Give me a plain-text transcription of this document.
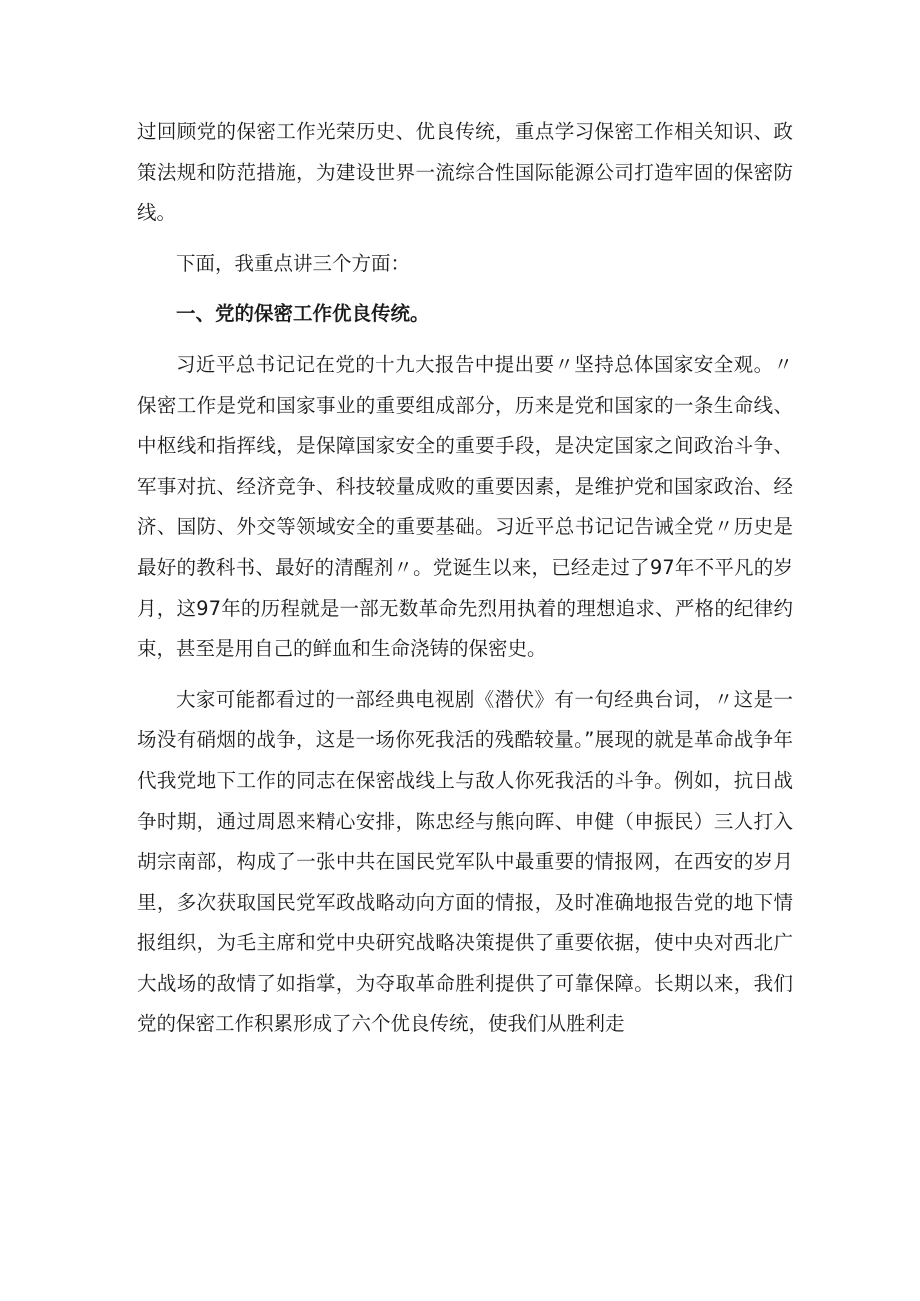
过回顾党的保密工作光荣历史、优良传统，重点学习保密工作相关知识、政策法规和防范措施，为建设世界一流综合性国际能源公司打造牢固的保密防线。

下面，我重点讲三个方面：

一、党的保密工作优良传统。

习近平总书记记在党的十九大报告中提出要〃坚持总体国家安全观。〃保密工作是党和国家事业的重要组成部分，历来是党和国家的一条生命线、中枢线和指挥线，是保障国家安全的重要手段，是决定国家之间政治斗争、军事对抗、经济竞争、科技较量成败的重要因素，是维护党和国家政治、经济、国防、外交等领域安全的重要基础。习近平总书记记告诫全党〃历史是最好的教科书、最好的清醒剂〃。党诞生以来，已经走过了97年不平凡的岁月，这97年的历程就是一部无数革命先烈用执着的理想追求、严格的纪律约束，甚至是用自己的鲜血和生命浇铸的保密史。

大家可能都看过的一部经典电视剧《潜伏》有一句经典台词，〃这是一场没有硝烟的战争，这是一场你死我活的残酷较量。”展现的就是革命战争年代我党地下工作的同志在保密战线上与敌人你死我活的斗争。例如，抗日战争时期，通过周恩来精心安排，陈忠经与熊向晖、申健（申振民）三人打入胡宗南部，构成了一张中共在国民党军队中最重要的情报网，在西安的岁月里，多次获取国民党军政战略动向方面的情报，及时准确地报告党的地下情报组织，为毛主席和党中央研究战略决策提供了重要依据，使中央对西北广大战场的敌情了如指掌，为夺取革命胜利提供了可靠保障。长期以来，我们党的保密工作积累形成了六个优良传统，使我们从胜利走
